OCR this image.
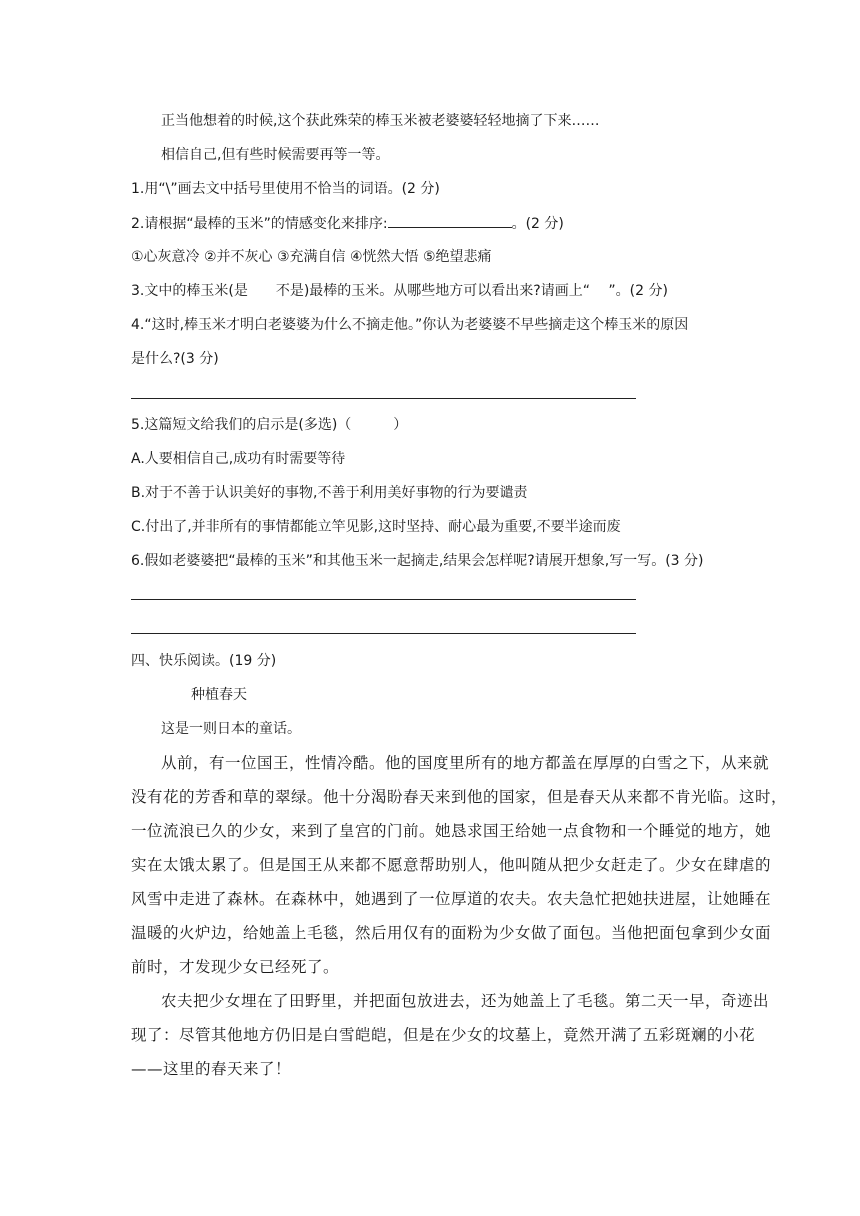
正当他想着的时候,这个获此殊荣的棒玉米被老婆婆轻轻地摘了下来……
相信自己,但有些时候需要再等一等。
1.用“\”画去文中括号里使用不恰当的词语。(2 分)
2.请根据“最棒的玉米”的情感变化来排序:	。(2 分)
①心灰意冷 ②并不灰心 ③充满自信 ④恍然大悟 ⑤绝望悲痛
3.文中的棒玉米(是　　不是)最棒的玉米。从哪些地方可以看出来?请画上“　 ”。(2 分)
4.“这时,棒玉米才明白老婆婆为什么不摘走他。”你认为老婆婆不早些摘走这个棒玉米的原因
是什么?(3 分)
5.这篇短文给我们的启示是(多选)（　　　）
A.人要相信自己,成功有时需要等待
B.对于不善于认识美好的事物,不善于利用美好事物的行为要谴责
C.付出了,并非所有的事情都能立竿见影,这时坚持、耐心最为重要,不要半途而废
6.假如老婆婆把“最棒的玉米”和其他玉米一起摘走,结果会怎样呢?请展开想象,写一写。(3 分)
四、快乐阅读。(19 分)
种植春天
这是一则日本的童话。
从前，有一位国王，性情冷酷。他的国度里所有的地方都盖在厚厚的白雪之下，从来就
没有花的芳香和草的翠绿。他十分渴盼春天来到他的国家，但是春天从来都不肯光临。这时，
一位流浪已久的少女，来到了皇宫的门前。她恳求国王给她一点食物和一个睡觉的地方，她
实在太饿太累了。但是国王从来都不愿意帮助别人，他叫随从把少女赶走了。少女在肆虐的
风雪中走进了森林。在森林中，她遇到了一位厚道的农夫。农夫急忙把她扶进屋，让她睡在
温暖的火炉边，给她盖上毛毯，然后用仅有的面粉为少女做了面包。当他把面包拿到少女面
前时，才发现少女已经死了。
农夫把少女埋在了田野里，并把面包放进去，还为她盖上了毛毯。第二天一早，奇迹出
现了：尽管其他地方仍旧是白雪皑皑，但是在少女的坟墓上，竟然开满了五彩斑斓的小花
——这里的春天来了！
